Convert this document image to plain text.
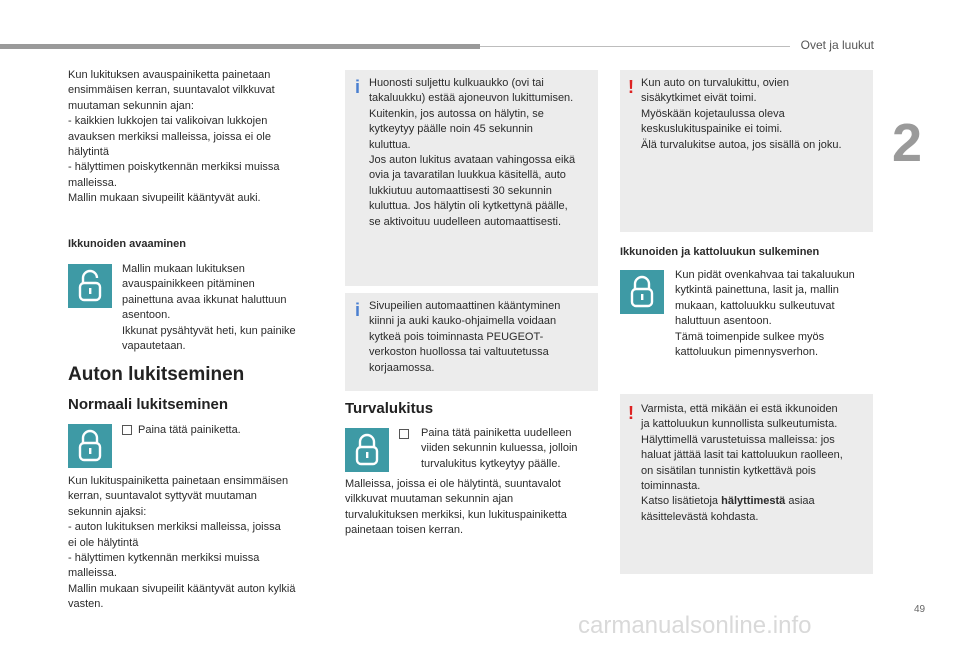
Ovet ja luukut
2
Kun lukituksen avauspainiketta painetaan
ensimmäisen kerran, suuntavalot vilkkuvat
muutaman sekunnin ajan:
- kaikkien lukkojen tai valikoivan lukkojen
avauksen merkiksi malleissa, joissa ei ole
hälytintä
- hälyttimen poiskytkennän merkiksi muissa
malleissa.
Mallin mukaan sivupeilit kääntyvät auki.
Ikkunoiden avaaminen
Mallin mukaan lukituksen
avauspainikkeen pitäminen
painettuna avaa ikkunat haluttuun
asentoon.
Ikkunat pysähtyvät heti, kun painike
vapautetaan.
Auton lukitseminen
Normaali lukitseminen
Paina tätä painiketta.
Kun lukituspainiketta painetaan ensimmäisen
kerran, suuntavalot syttyvät muutaman
sekunnin ajaksi:
- auton lukituksen merkiksi malleissa, joissa
ei ole hälytintä
- hälyttimen kytkennän merkiksi muissa
malleissa.
Mallin mukaan sivupeilit kääntyvät auton kylkiä
vasten.
i Huonosti suljettu kulkuaukko (ovi tai
takaluukku) estää ajoneuvon lukittumisen.
Kuitenkin, jos autossa on hälytin, se
kytkeytyy päälle noin 45 sekunnin
kuluttua.
Jos auton lukitus avataan vahingossa eikä
ovia ja tavaratilan luukkua käsitellä, auto
lukkiutuu automaattisesti 30 sekunnin
kuluttua. Jos hälytin oli kytkettynä päälle,
se aktivoituu uudelleen automaattisesti.
i Sivupeilien automaattinen kääntyminen
kiinni ja auki kauko-ohjaimella voidaan
kytkeä pois toiminnasta PEUGEOT-
verkoston huollossa tai valtuutetussa
korjaamossa.
Turvalukitus
Paina tätä painiketta uudelleen
viiden sekunnin kuluessa, jolloin
turvalukitus kytkeytyy päälle.
Malleissa, joissa ei ole hälytintä, suuntavalot
vilkkuvat muutaman sekunnin ajan
turvalukituksen merkiksi, kun lukituspainiketta
painetaan toisen kerran.
! Kun auto on turvalukittu, ovien
sisäkytkimet eivät toimi.
Myöskään kojetaulussa oleva
keskuslukituspainike ei toimi.
Älä turvalukitse autoa, jos sisällä on joku.
Ikkunoiden ja kattoluukun sulkeminen
Kun pidät ovenkahvaa tai takaluukun
kytkintä painettuna, lasit ja, mallin
mukaan, kattoluukku sulkeutuvat
haluttuun asentoon.
Tämä toimenpide sulkee myös
kattoluukun pimennysverhon.
! Varmista, että mikään ei estä ikkunoiden
ja kattoluukun kunnollista sulkeutumista.
Hälyttimellä varustetuissa malleissa: jos
haluat jättää lasit tai kattoluukun raolleen,
on sisätilan tunnistin kytkettävä pois
toiminnasta.
Katso lisätietoja hälyttimestä asiaa
käsittelevästä kohdasta.
49
carmanualsonline.info
